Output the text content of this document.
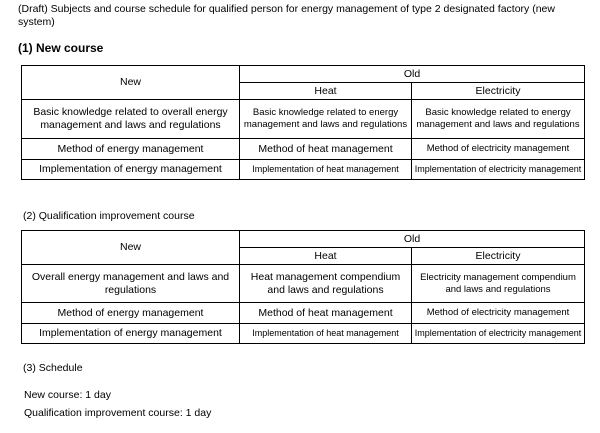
(Draft) Subjects and course schedule for qualified person for energy management of type 2 designated factory (new system)
(1) New course
New	Old	
	Heat	Electricity
Basic knowledge related to overall energy management and laws and regulations	Basic knowledge related to energy management and laws and regulations	Basic knowledge related to energy management and laws and regulations
Method of energy management	Method of heat management	Method of electricity management
Implementation of energy management	Implementation of heat management	Implementation of electricity management
(2) Qualification improvement course
New	Old	
	Heat	Electricity
Overall energy management and laws and regulations	Heat management compendium and laws and regulations	Electricity management compendium and laws and regulations
Method of energy management	Method of heat management	Method of electricity management
Implementation of energy management	Implementation of heat management	Implementation of electricity management
(3) Schedule
New course: 1 day
Qualification improvement course: 1 day
